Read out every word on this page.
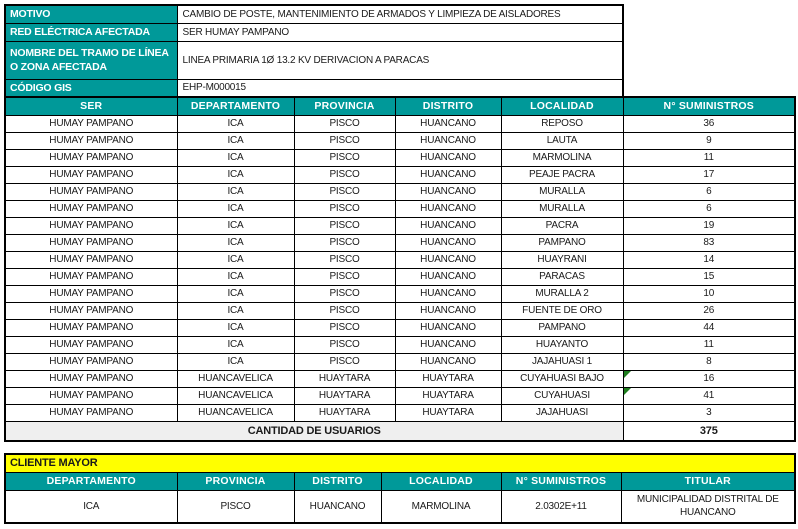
MOTIVO	CAMBIO DE POSTE, MANTENIMIENTO DE ARMADOS Y LIMPIEZA DE AISLADORES
RED ELÉCTRICA AFECTADA	SER HUMAY PAMPANO
NOMBRE DEL TRAMO DE LÍNEA O ZONA AFECTADA	LINEA PRIMARIA 1Ø 13.2 KV DERIVACION A PARACAS
CÓDIGO GIS	EHP-M000015
SER	DEPARTAMENTO	PROVINCIA	DISTRITO	LOCALIDAD	N° SUMINISTROS
HUMAY PAMPANO	ICA	PISCO	HUANCANO	REPOSO	36
HUMAY PAMPANO	ICA	PISCO	HUANCANO	LAUTA	9
HUMAY PAMPANO	ICA	PISCO	HUANCANO	MARMOLINA	11
HUMAY PAMPANO	ICA	PISCO	HUANCANO	PEAJE PACRA	17
HUMAY PAMPANO	ICA	PISCO	HUANCANO	MURALLA	6
HUMAY PAMPANO	ICA	PISCO	HUANCANO	MURALLA	6
HUMAY PAMPANO	ICA	PISCO	HUANCANO	PACRA	19
HUMAY PAMPANO	ICA	PISCO	HUANCANO	PAMPANO	83
HUMAY PAMPANO	ICA	PISCO	HUANCANO	HUAYRANI	14
HUMAY PAMPANO	ICA	PISCO	HUANCANO	PARACAS	15
HUMAY PAMPANO	ICA	PISCO	HUANCANO	MURALLA 2	10
HUMAY PAMPANO	ICA	PISCO	HUANCANO	FUENTE DE ORO	26
HUMAY PAMPANO	ICA	PISCO	HUANCANO	PAMPANO	44
HUMAY PAMPANO	ICA	PISCO	HUANCANO	HUAYANTO	11
HUMAY PAMPANO	ICA	PISCO	HUANCANO	JAJAHUASI 1	8
HUMAY PAMPANO	HUANCAVELICA	HUAYTARA	HUAYTARA	CUYAHUASI BAJO	16
HUMAY PAMPANO	HUANCAVELICA	HUAYTARA	HUAYTARA	CUYAHUASI	41
HUMAY PAMPANO	HUANCAVELICA	HUAYTARA	HUAYTARA	JAJAHUASI	3
CANTIDAD DE USUARIOS					375
CLIENTE MAYOR					
DEPARTAMENTO	PROVINCIA	DISTRITO	LOCALIDAD	N° SUMINISTROS	TITULAR
ICA	PISCO	HUANCANO	MARMOLINA	2.0302E+11	MUNICIPALIDAD DISTRITAL DE HUANCANO
